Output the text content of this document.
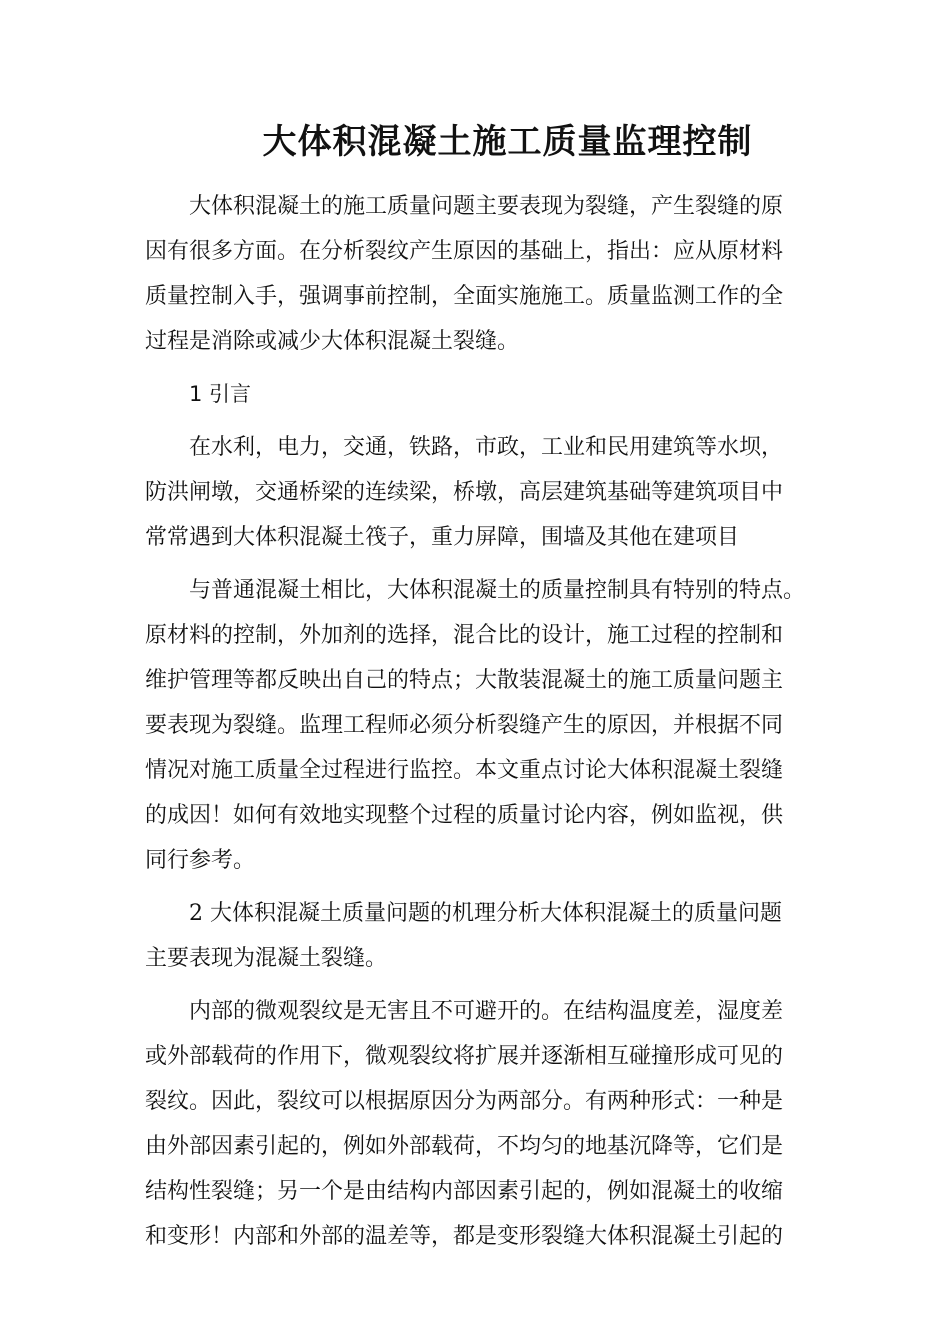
大体积混凝土施工质量监理控制

大体积混凝土的施工质量问题主要表现为裂缝，产生裂缝的原
因有很多方面。在分析裂纹产生原因的基础上，指出：应从原材料
质量控制入手，强调事前控制，全面实施施工。质量监测工作的全
过程是消除或减少大体积混凝土裂缝。

1 引言

在水利，电力，交通，铁路，市政，工业和民用建筑等水坝，
防洪闸墩，交通桥梁的连续梁，桥墩，高层建筑基础等建筑项目中
常常遇到大体积混凝土筏子，重力屏障，围墙及其他在建项目

与普通混凝土相比，大体积混凝土的质量控制具有特别的特点。
原材料的控制，外加剂的选择，混合比的设计，施工过程的控制和
维护管理等都反映出自己的特点；大散装混凝土的施工质量问题主
要表现为裂缝。监理工程师必须分析裂缝产生的原因，并根据不同
情况对施工质量全过程进行监控。本文重点讨论大体积混凝土裂缝
的成因！如何有效地实现整个过程的质量讨论内容，例如监视，供
同行参考。

2 大体积混凝土质量问题的机理分析大体积混凝土的质量问题
主要表现为混凝土裂缝。

内部的微观裂纹是无害且不可避开的。在结构温度差，湿度差
或外部载荷的作用下，微观裂纹将扩展并逐渐相互碰撞形成可见的
裂纹。因此，裂纹可以根据原因分为两部分。有两种形式：一种是
由外部因素引起的，例如外部载荷，不均匀的地基沉降等，它们是
结构性裂缝；另一个是由结构内部因素引起的，例如混凝土的收缩
和变形！内部和外部的温差等，都是变形裂缝大体积混凝土引起的
